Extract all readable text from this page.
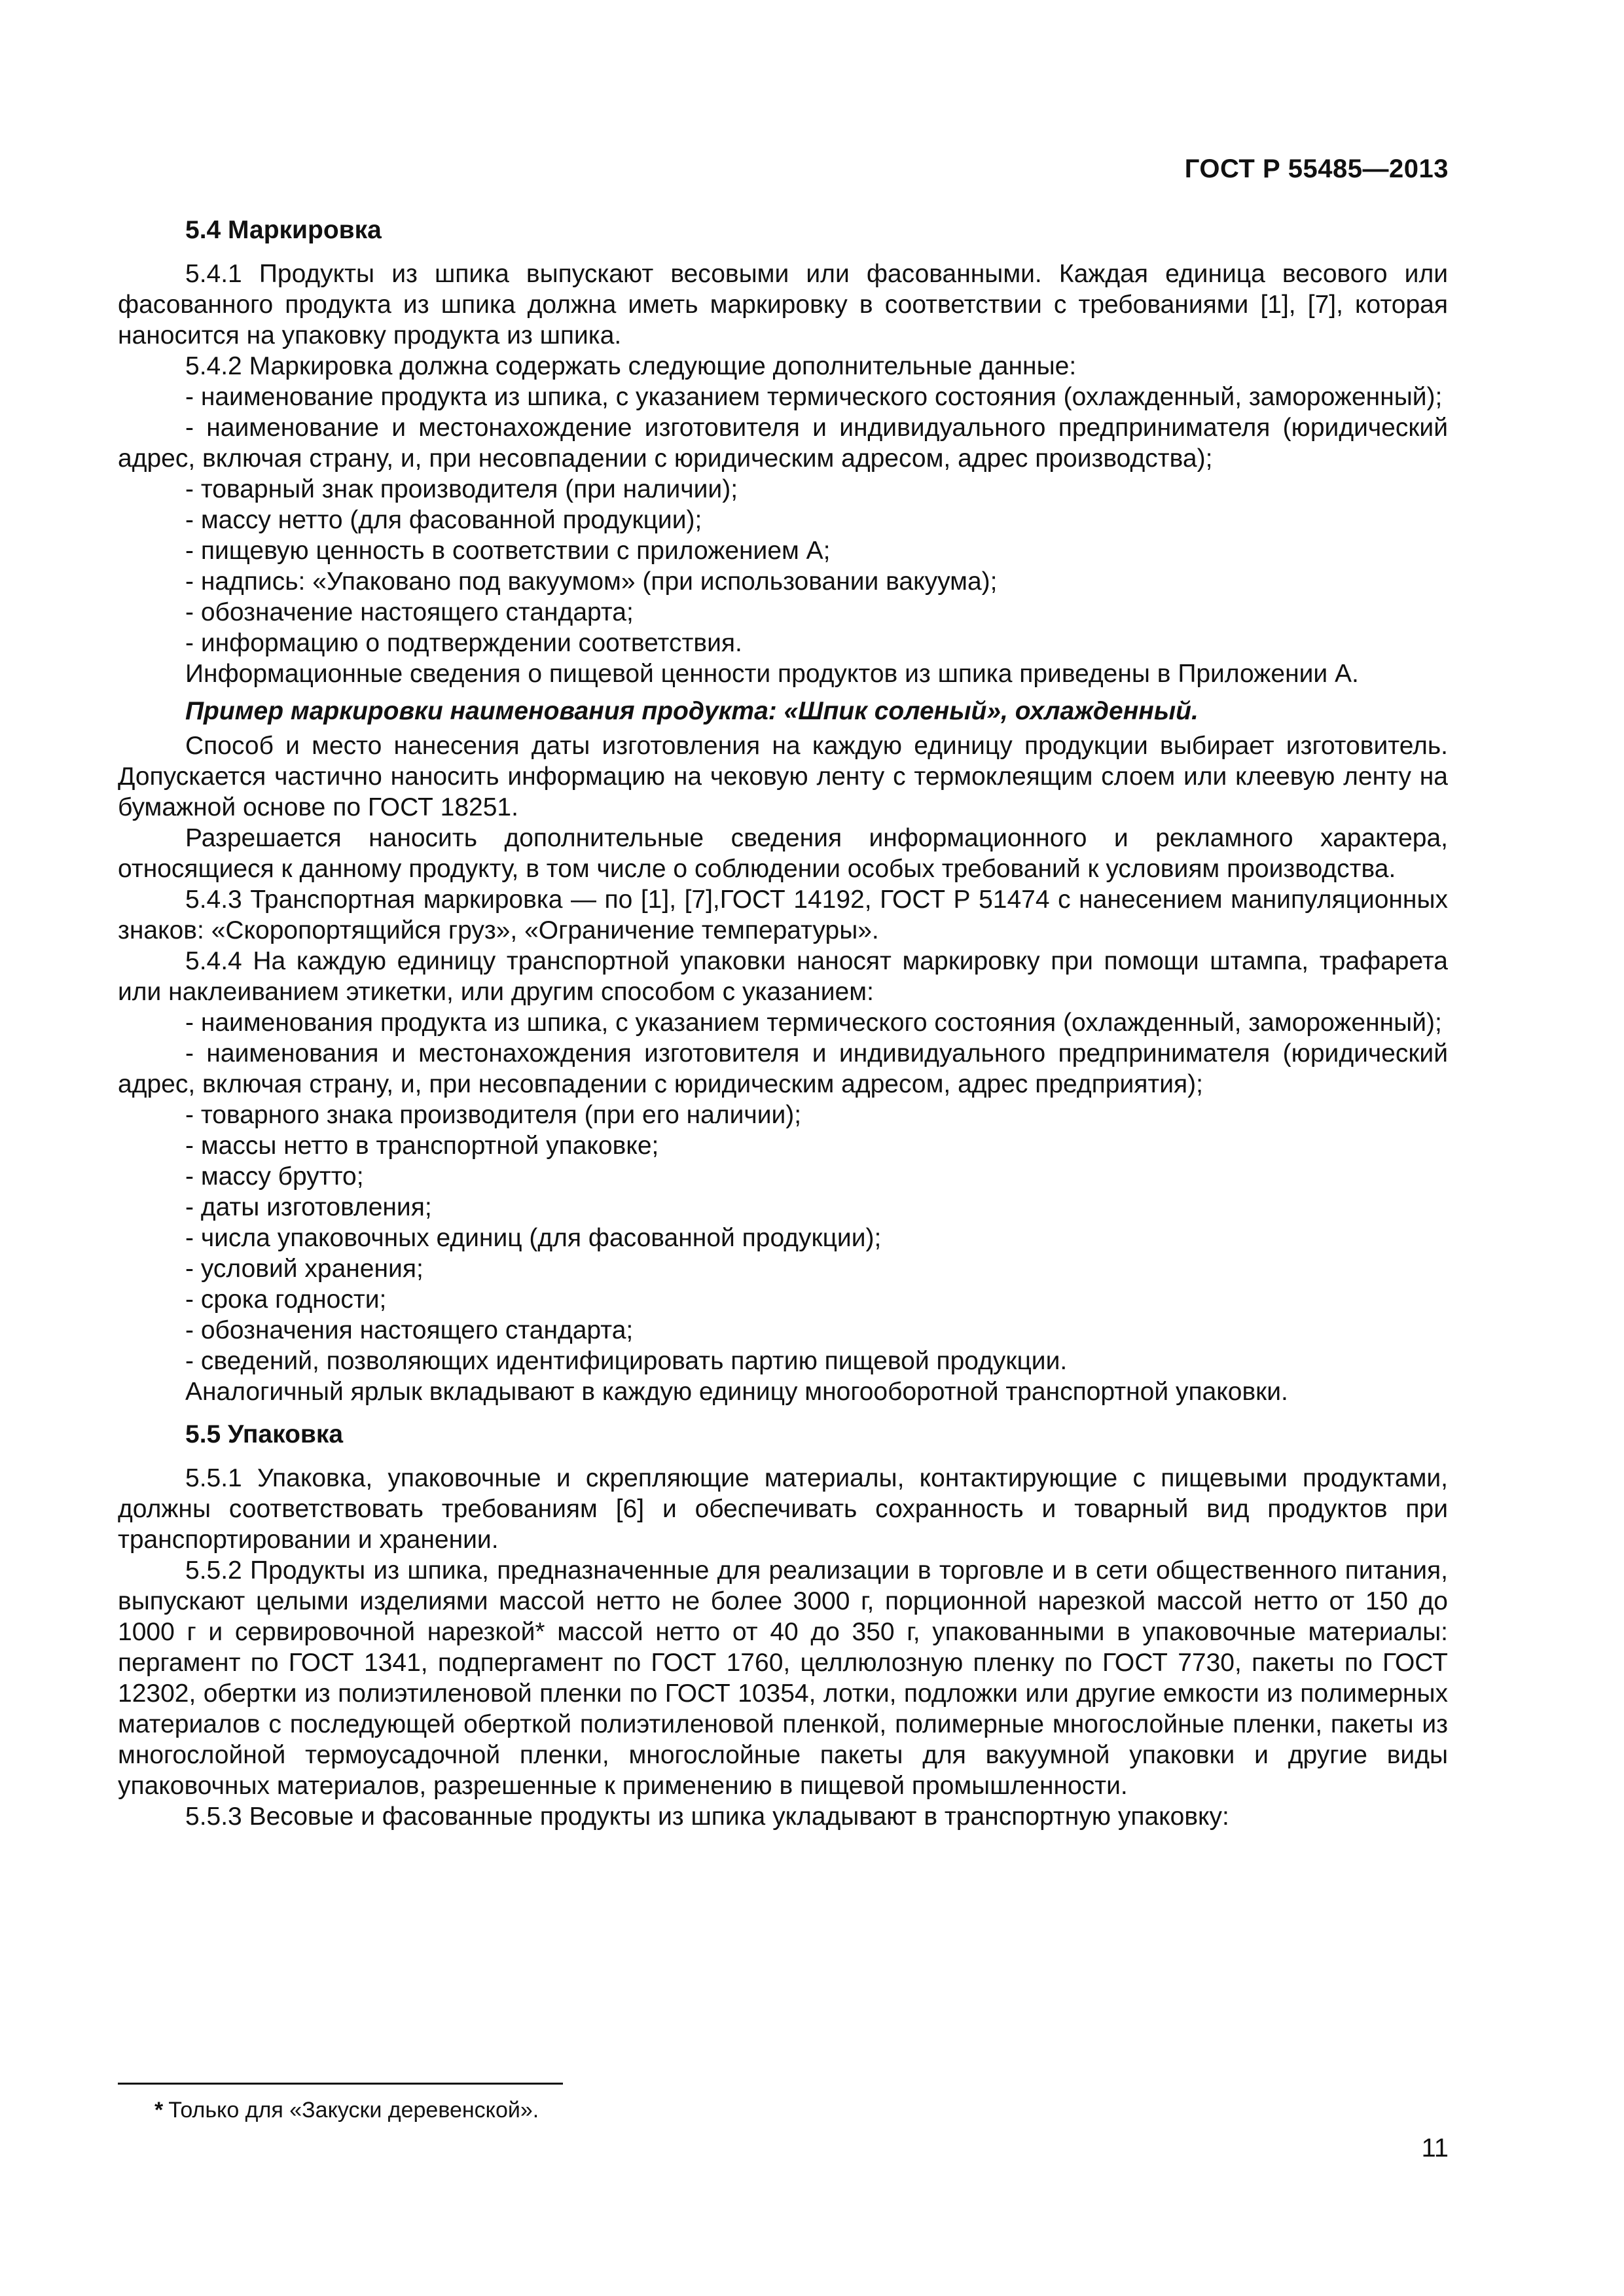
ГОСТ Р 55485—2013
5.4 Маркировка

5.4.1 Продукты из шпика выпускают весовыми или фасованными. Каждая единица весового или фасованного продукта из шпика должна иметь маркировку в соответствии с требованиями [1], [7], которая наносится на упаковку продукта из шпика.

5.4.2 Маркировка должна содержать следующие дополнительные данные:

- наименование продукта из шпика, с указанием термического состояния (охлажденный, замороженный);

- наименование и местонахождение изготовителя и индивидуального предпринимателя (юридический адрес, включая страну, и, при несовпадении с юридическим адресом, адрес производства);

- товарный знак производителя (при наличии);

- массу нетто (для фасованной продукции);

- пищевую ценность в соответствии с приложением А;

- надпись: «Упаковано под вакуумом» (при использовании вакуума);

- обозначение настоящего стандарта;

- информацию о подтверждении соответствия.

Информационные сведения о пищевой ценности продуктов из шпика приведены в Приложении А.

Пример маркировки наименования продукта: «Шпик соленый», охлажденный.

Способ и место нанесения даты изготовления на каждую единицу продукции выбирает изготовитель. Допускается частично наносить информацию на чековую ленту с термоклеящим слоем или клеевую ленту на бумажной основе по ГОСТ 18251.

Разрешается наносить дополнительные сведения информационного и рекламного характера, относящиеся к данному продукту, в том числе о соблюдении особых требований к условиям производства.

5.4.3 Транспортная маркировка — по [1], [7],ГОСТ 14192, ГОСТ Р 51474 с нанесением манипуляционных знаков: «Скоропортящийся груз», «Ограничение температуры».

5.4.4 На каждую единицу транспортной упаковки наносят маркировку при помощи штампа, трафарета или наклеиванием этикетки, или другим способом с указанием:

- наименования продукта из шпика, с указанием термического состояния (охлажденный, замороженный);

- наименования и местонахождения изготовителя и индивидуального предпринимателя (юридический адрес, включая страну, и, при несовпадении с юридическим адресом, адрес предприятия);

- товарного знака производителя (при его наличии);

- массы нетто в транспортной упаковке;

- массу брутто;

- даты изготовления;

- числа упаковочных единиц (для фасованной продукции);

- условий хранения;

- срока годности;

- обозначения настоящего стандарта;

- сведений, позволяющих идентифицировать партию пищевой продукции.

Аналогичный ярлык вкладывают в каждую единицу многооборотной транспортной упаковки.

5.5 Упаковка

5.5.1 Упаковка, упаковочные и скрепляющие материалы, контактирующие с пищевыми продуктами, должны соответствовать требованиям [6] и обеспечивать сохранность и товарный вид продуктов при транспортировании и хранении.

5.5.2 Продукты из шпика, предназначенные для реализации в торговле и в сети общественного питания, выпускают целыми изделиями массой нетто не более 3000 г, порционной нарезкой массой нетто от 150 до 1000 г и сервировочной нарезкой* массой нетто от 40 до 350 г, упакованными в упаковочные материалы: пергамент по ГОСТ 1341, подпергамент по ГОСТ 1760, целлюлозную пленку по ГОСТ 7730, пакеты по ГОСТ 12302, обертки из полиэтиленовой пленки по ГОСТ 10354, лотки, подложки или другие емкости из полимерных материалов с последующей оберткой полиэтиленовой пленкой, полимерные многослойные пленки, пакеты из многослойной термоусадочной пленки, многослойные пакеты для вакуумной упаковки и другие виды упаковочных материалов, разрешенные к применению в пищевой промышленности.

5.5.3 Весовые и фасованные продукты из шпика укладывают в транспортную упаковку:

* Только для «Закуски деревенской».
11
